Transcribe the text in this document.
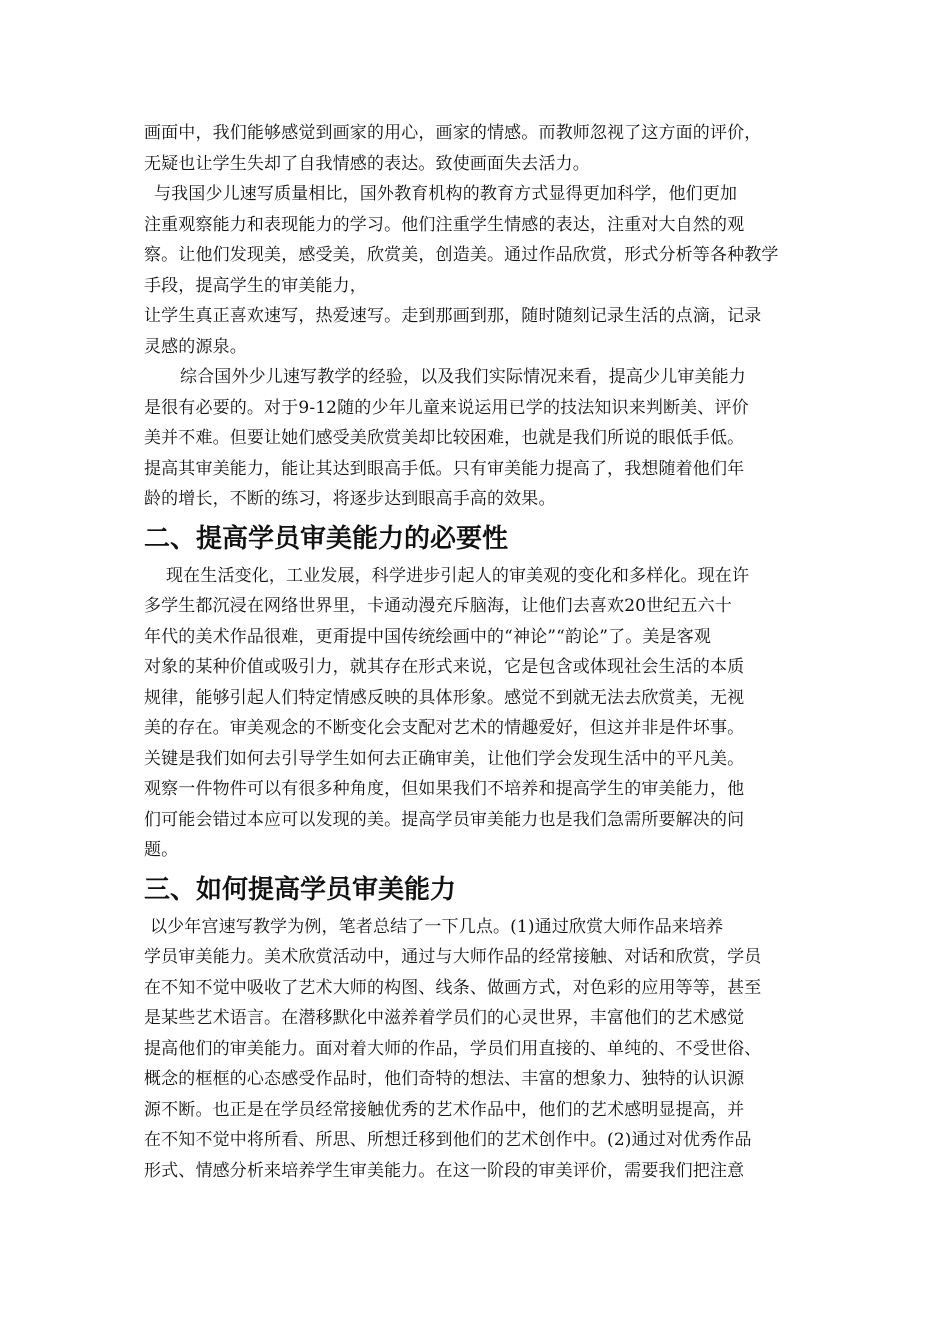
画面中，我们能够感觉到画家的用心，画家的情感。而教师忽视了这方面的评价，
无疑也让学生失却了自我情感的表达。致使画面失去活力。
与我国少儿速写质量相比，国外教育机构的教育方式显得更加科学，他们更加
注重观察能力和表现能力的学习。他们注重学生情感的表达，注重对大自然的观
察。让他们发现美，感受美，欣赏美，创造美。通过作品欣赏，形式分析等各种教学
手段，提高学生的审美能力，
让学生真正喜欢速写，热爱速写。走到那画到那，随时随刻记录生活的点滴，记录
灵感的源泉。
综合国外少儿速写教学的经验，以及我们实际情况来看，提高少儿审美能力
是很有必要的。对于9-12随的少年儿童来说运用已学的技法知识来判断美、评价
美并不难。但要让她们感受美欣赏美却比较困难，也就是我们所说的眼低手低。
提高其审美能力，能让其达到眼高手低。只有审美能力提高了，我想随着他们年
龄的增长，不断的练习，将逐步达到眼高手高的效果。
二、提高学员审美能力的必要性
现在生活变化，工业发展，科学进步引起人的审美观的变化和多样化。现在许
多学生都沉浸在网络世界里，卡通动漫充斥脑海，让他们去喜欢20世纪五六十
年代的美术作品很难，更甭提中国传统绘画中的“神论”“韵论”了。美是客观
对象的某种价值或吸引力，就其存在形式来说，它是包含或体现社会生活的本质
规律，能够引起人们特定情感反映的具体形象。感觉不到就无法去欣赏美，无视
美的存在。审美观念的不断变化会支配对艺术的情趣爱好，但这并非是件坏事。
关键是我们如何去引导学生如何去正确审美，让他们学会发现生活中的平凡美。
观察一件物件可以有很多种角度，但如果我们不培养和提高学生的审美能力，他
们可能会错过本应可以发现的美。提高学员审美能力也是我们急需所要解决的问
题。
三、如何提高学员审美能力
以少年宫速写教学为例，笔者总结了一下几点。(1)通过欣赏大师作品来培养
学员审美能力。美术欣赏活动中，通过与大师作品的经常接触、对话和欣赏，学员
在不知不觉中吸收了艺术大师的构图、线条、做画方式，对色彩的应用等等，甚至
是某些艺术语言。在潜移默化中滋养着学员们的心灵世界，丰富他们的艺术感觉
提高他们的审美能力。面对着大师的作品，学员们用直接的、单纯的、不受世俗、
概念的框框的心态感受作品时，他们奇特的想法、丰富的想象力、独特的认识源
源不断。也正是在学员经常接触优秀的艺术作品中，他们的艺术感明显提高，并
在不知不觉中将所看、所思、所想迁移到他们的艺术创作中。(2)通过对优秀作品
形式、情感分析来培养学生审美能力。在这一阶段的审美评价，需要我们把注意
